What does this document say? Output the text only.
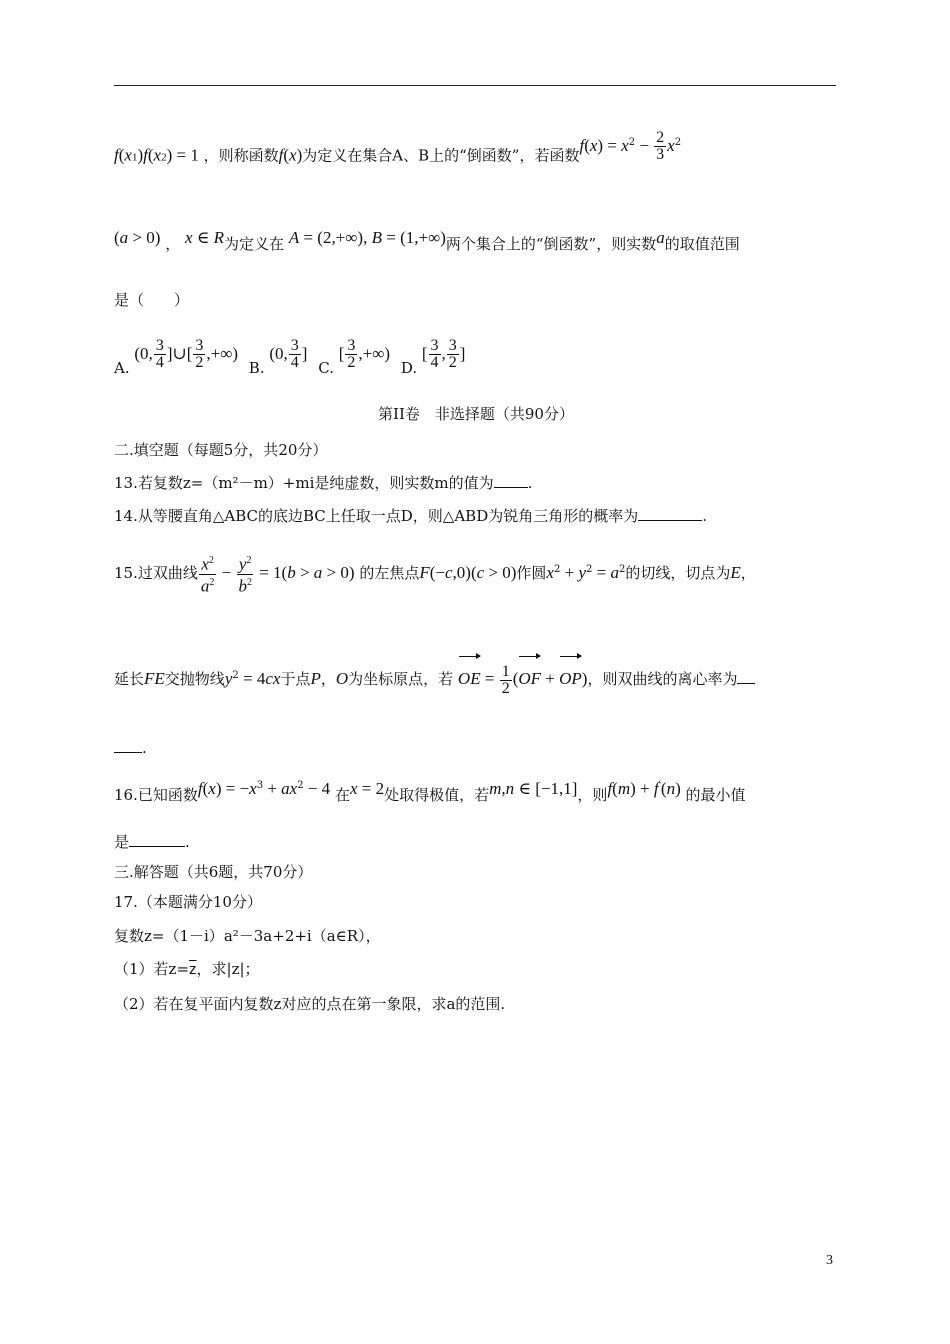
f(x1)f(x2) = 1 ，则称函数f(x)为定义在集合A、B上的“倒函数”，若函数$f(x) = x^2 - \frac{2}{3} x^2$
(a > 0) ， x ∈ R为定义在 A = (2,+∞), B = (1,+∞)两个集合上的“倒函数”，则实数a的取值范围
是（　　）
A. (0, $\frac{3}{4}$ ]∪[ $\frac{3}{2}$ ,+∞) B. (0, $\frac{3}{4}$ ] C. [ $\frac{3}{2}$ ,+∞) D. [ $\frac{3}{4}$ , $\frac{3}{2}$ ]
第II卷　非选择题（共90分）
二.填空题（每题5分，共20分）
13.若复数z=（m²－m）+mi是纯虚数，则实数m的值为 .
14.从等腰直角△ABC的底边BC上任取一点D，则△ABD为锐角三角形的概率为	.
15.过双曲线 $\frac{x^2}{a^2} - \frac{y^2}{b^2} = 1(b > a > 0)$ 的左焦点F(−c,0)(c > 0)作圆$x^2 + y^2 = a^2$的切线，切点为E，
延长FE交抛物线$y^2 = 4cx$于点P，O为坐标原点，若 OE = $\frac{1}{2} (OF + OP)$，则双曲线的离心率为
.
16.已知函数$f(x) = -x^3 + ax^2 - 4$ 在x = 2处取得极值，若m,n ∈ [−1,1]，则f(m) + f′(n) 的最小值
是	.
三.解答题（共6题，共70分）
17.（本题满分10分）
复数z=（1－i）a²－3a+2+i（a∈R），
（1）若$z=\overline{z}$，求|z|；
（2）若在复平面内复数z对应的点在第一象限，求a的范围.
3
